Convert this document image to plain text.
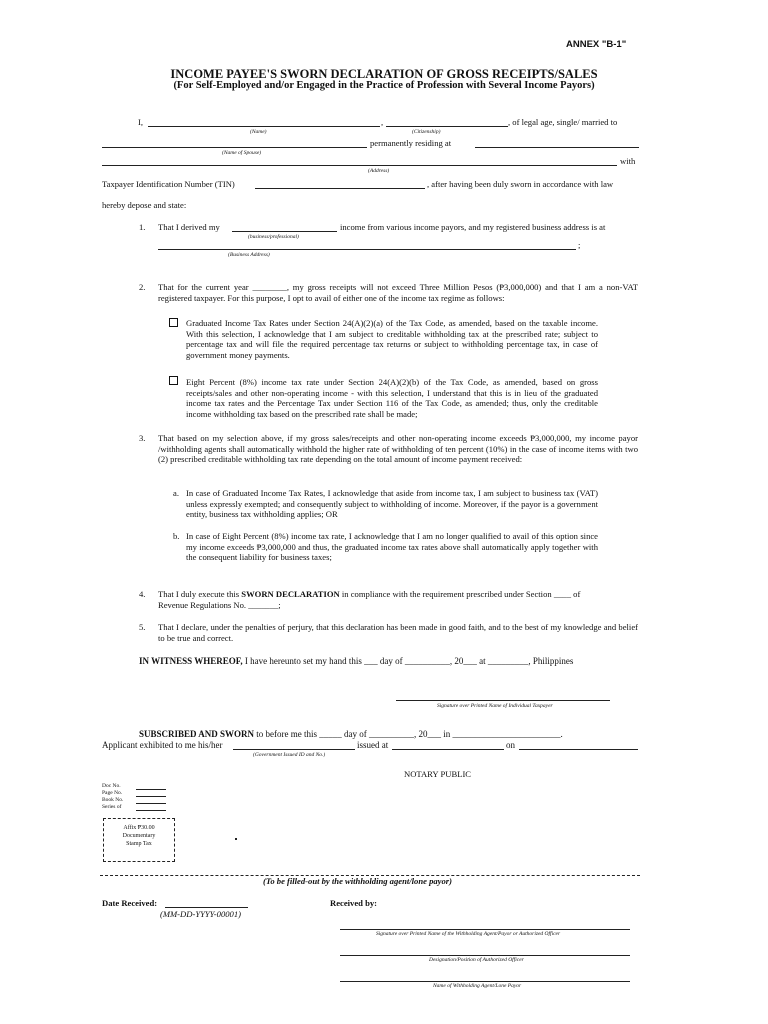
ANNEX "B-1"
INCOME PAYEE'S SWORN DECLARATION OF GROSS RECEIPTS/SALES
(For Self-Employed and/or Engaged in the Practice of Profession with Several Income Payors)
I,	,	, of legal age, single/ married to
(Name)	(Citizenship)
permanently residing at
(Name of Spouse)
with
(Address)
Taxpayer Identification Number (TIN)	, after having been duly sworn in accordance with law
hereby depose and state:
1. That I derived my	income from various income payors, and my registered business address is at
(business/professional)
;
(Business Address)
2. That for the current year ________, my gross receipts will not exceed Three Million Pesos (₱3,000,000) and that I am a non-VAT registered taxpayer. For this purpose, I opt to avail of either one of the income tax regime as follows:
Graduated Income Tax Rates under Section 24(A)(2)(a) of the Tax Code, as amended, based on the taxable income. With this selection, I acknowledge that I am subject to creditable withholding tax at the prescribed rate; subject to percentage tax and will file the required percentage tax returns or subject to withholding percentage tax, in case of government money payments.
Eight Percent (8%) income tax rate under Section 24(A)(2)(b) of the Tax Code, as amended, based on gross receipts/sales and other non-operating income - with this selection, I understand that this is in lieu of the graduated income tax rates and the Percentage Tax under Section 116 of the Tax Code, as amended; thus, only the creditable income withholding tax based on the prescribed rate shall be made;
3. That based on my selection above, if my gross sales/receipts and other non-operating income exceeds ₱3,000,000, my income payor /withholding agents shall automatically withhold the higher rate of withholding of ten percent (10%) in the case of income items with two (2) prescribed creditable withholding tax rate depending on the total amount of income payment received:
a. In case of Graduated Income Tax Rates, I acknowledge that aside from income tax, I am subject to business tax (VAT) unless expressly exempted; and consequently subject to withholding of income. Moreover, if the payor is a government entity, business tax withholding applies; OR
b. In case of Eight Percent (8%) income tax rate, I acknowledge that I am no longer qualified to avail of this option since my income exceeds ₱3,000,000 and thus, the graduated income tax rates above shall automatically apply together with the consequent liability for business taxes;
4. That I duly execute this SWORN DECLARATION in compliance with the requirement prescribed under Section ____ of
Revenue Regulations No. _______;
5. That I declare, under the penalties of perjury, that this declaration has been made in good faith, and to the best of my knowledge and belief to be true and correct.
IN WITNESS WHEREOF, I have hereunto set my hand this ___ day of __________, 20___ at _________, Philippines
Signature over Printed Name of Individual Taxpayer
SUBSCRIBED AND SWORN to before me this _____ day of __________, 20___ in ________________________.
Applicant exhibited to me his/her	issued at	on
(Government Issued ID and No.)
NOTARY PUBLIC
Doc No.
Page No.
Book No.
Series of
Affix ₱30.00
Documentary
Stamp Tax
(To be filled-out by the withholding agent/lone payor)
Date Received:
(MM-DD-YYYY-00001)
Received by:
Signature over Printed Name of the Withholding Agent/Payor or Authorized Officer
Designation/Position of Authorized Officer
Name of Withholding Agent/Lone Payor
